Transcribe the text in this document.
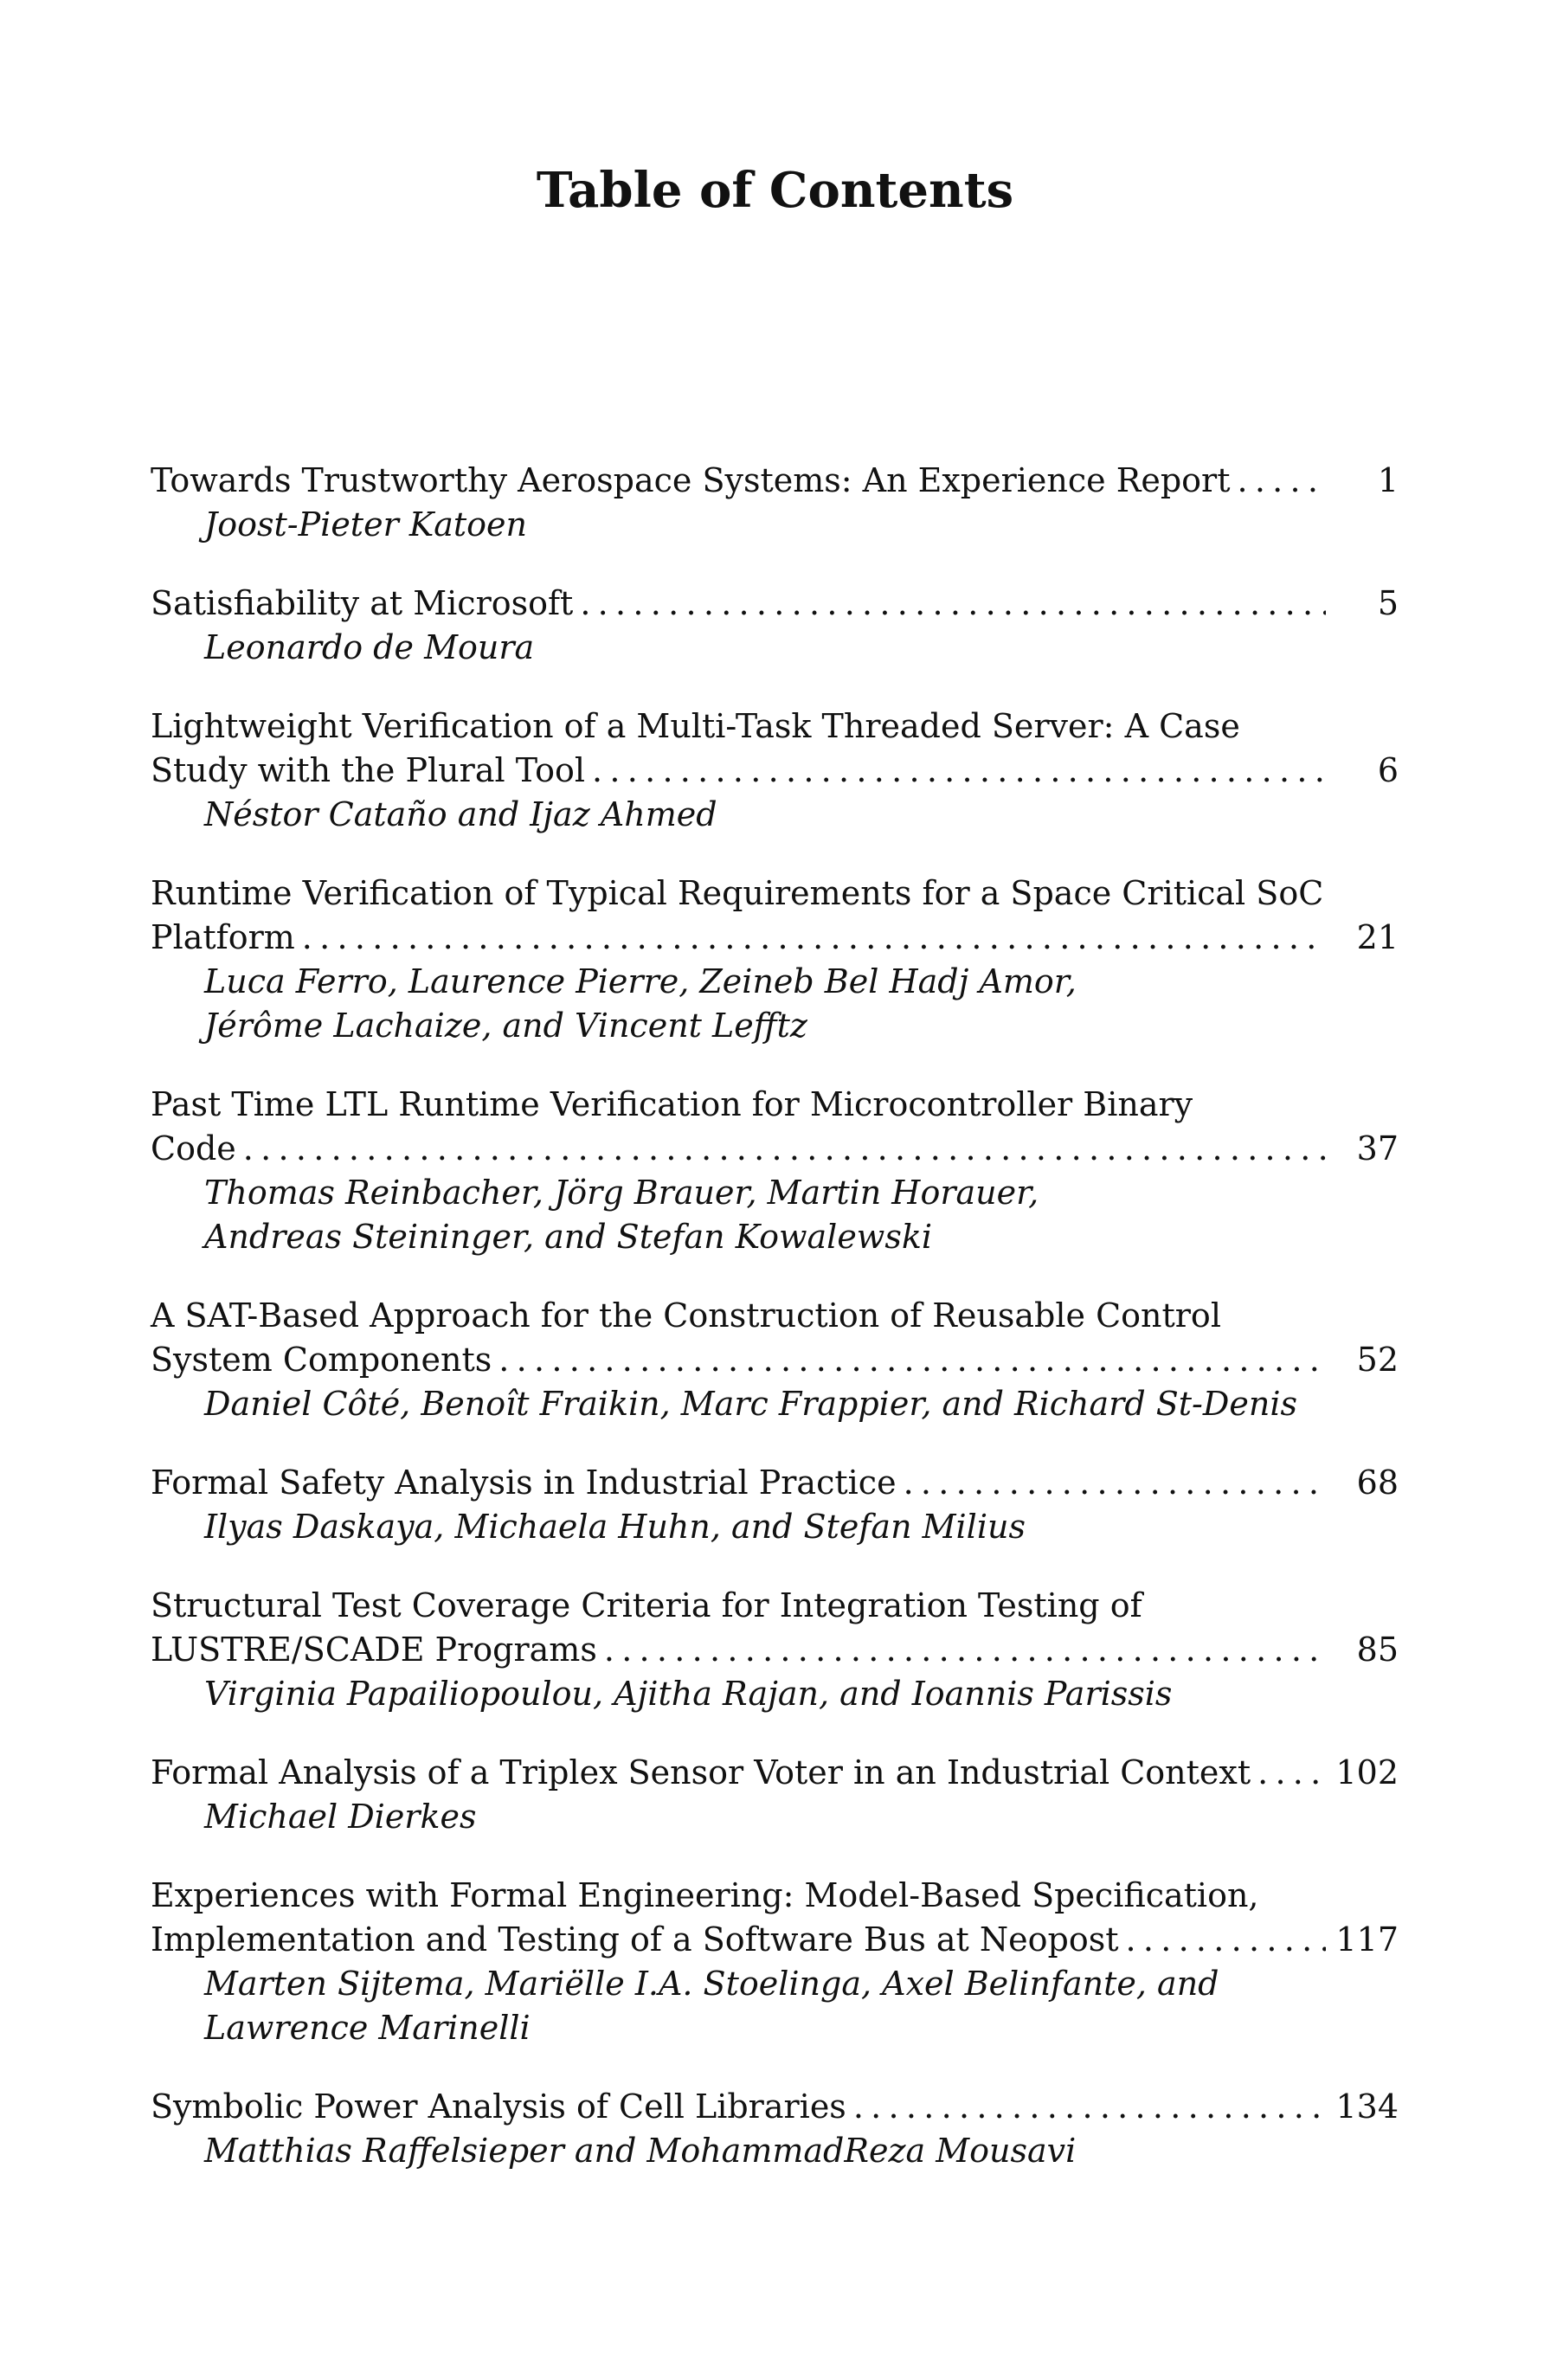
Table of Contents
Towards Trustworthy Aerospace Systems: An Experience Report . . .	1
Joost-Pieter Katoen
Satisfiability at Microsoft . . .	5
Leonardo de Moura
Lightweight Verification of a Multi-Task Threaded Server: A Case
Study with the Plural Tool . . .	6
Néstor Cataño and Ijaz Ahmed
Runtime Verification of Typical Requirements for a Space Critical SoC
Platform . . .	21
Luca Ferro, Laurence Pierre, Zeineb Bel Hadj Amor,
Jérôme Lachaize, and Vincent Lefftz
Past Time LTL Runtime Verification for Microcontroller Binary
Code . . .	37
Thomas Reinbacher, Jörg Brauer, Martin Horauer,
Andreas Steininger, and Stefan Kowalewski
A SAT-Based Approach for the Construction of Reusable Control
System Components . . .	52
Daniel Côté, Benoît Fraikin, Marc Frappier, and Richard St-Denis
Formal Safety Analysis in Industrial Practice . . .	68
Ilyas Daskaya, Michaela Huhn, and Stefan Milius
Structural Test Coverage Criteria for Integration Testing of
LUSTRE/SCADE Programs . . .	85
Virginia Papailiopoulou, Ajitha Rajan, and Ioannis Parissis
Formal Analysis of a Triplex Sensor Voter in an Industrial Context . . .	102
Michael Dierkes
Experiences with Formal Engineering: Model-Based Specification,
Implementation and Testing of a Software Bus at Neopost . . .	117
Marten Sijtema, Mariëlle I.A. Stoelinga, Axel Belinfante, and
Lawrence Marinelli
Symbolic Power Analysis of Cell Libraries . . .	134
Matthias Raffelsieper and MohammadReza Mousavi
